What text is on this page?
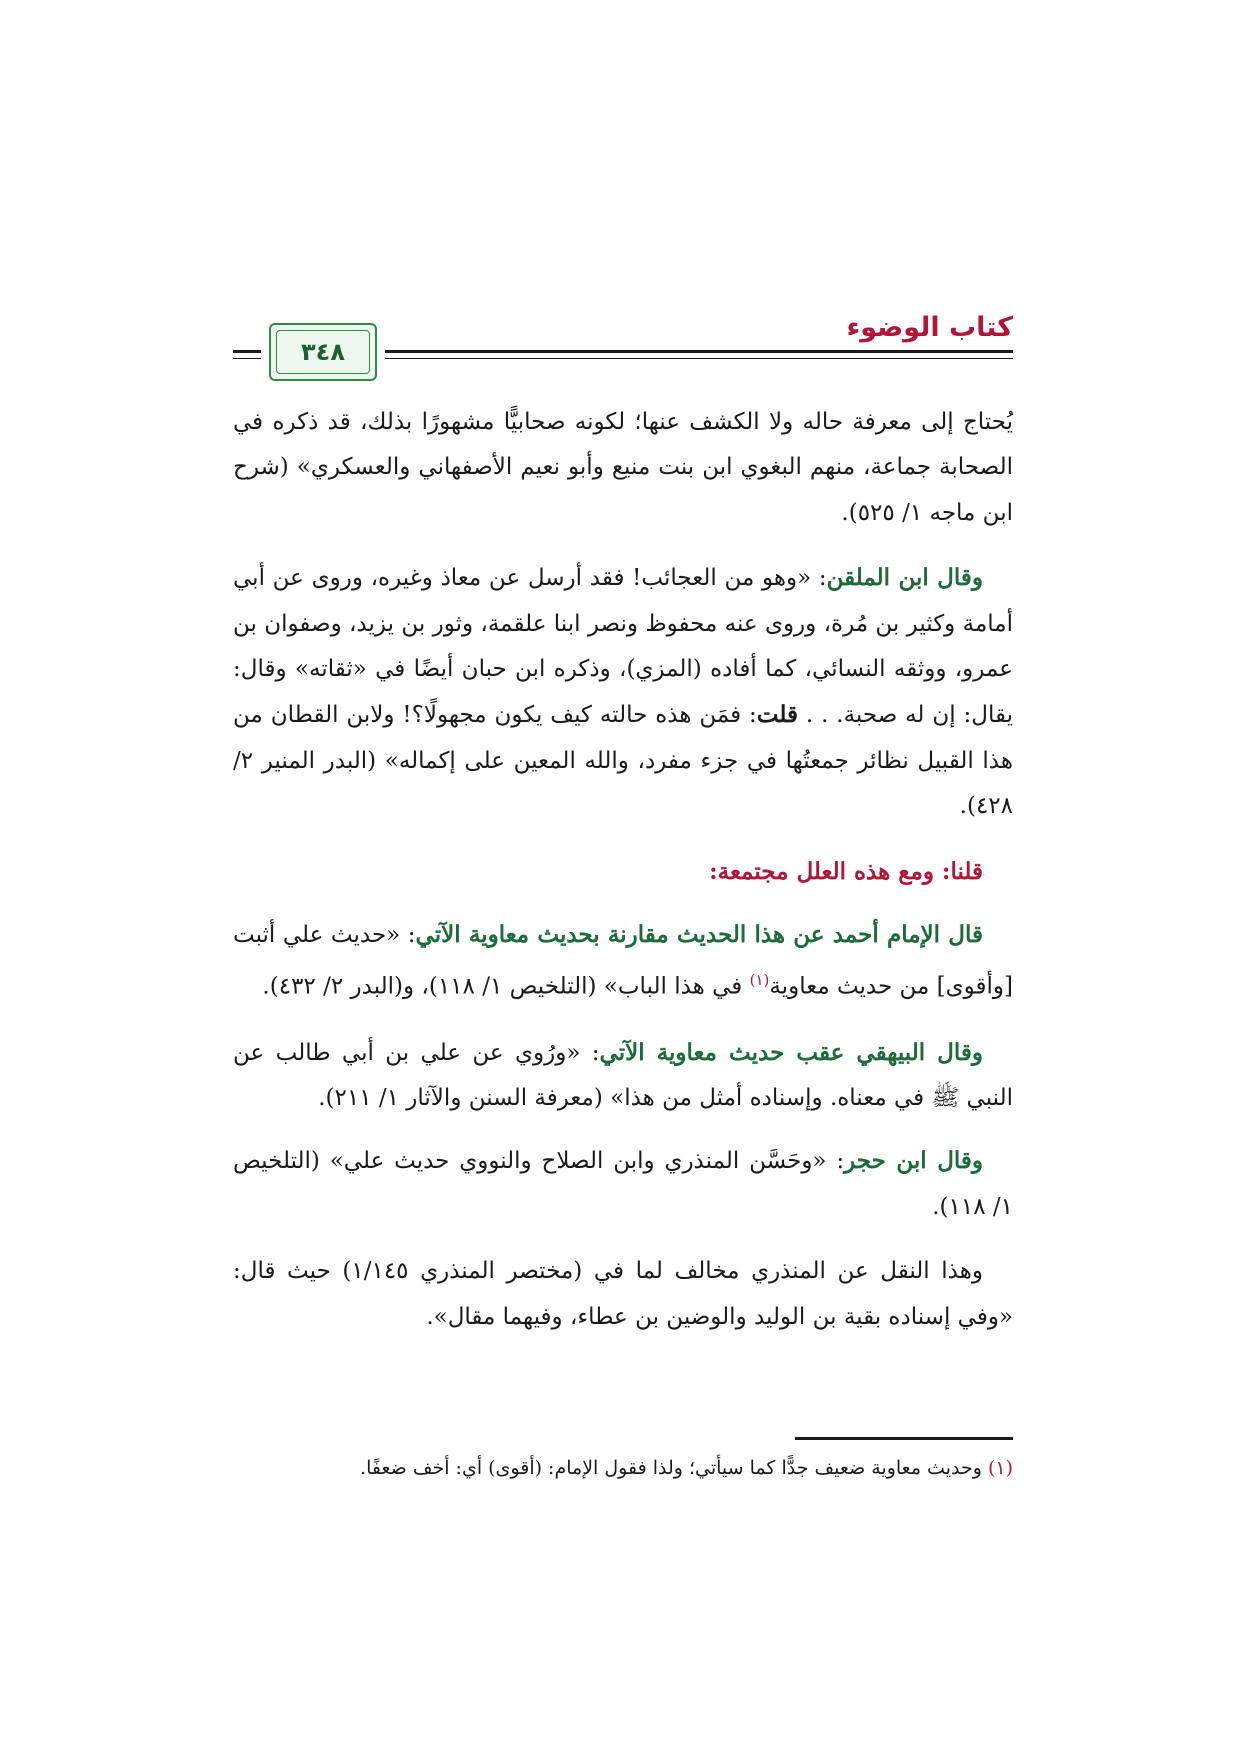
كتاب الوضوء
٣٤٨

يُحتاج إلى معرفة حاله ولا الكشف عنها؛ لكونه صحابيًّا مشهورًا بذلك، قد ذكره في الصحابة جماعة، منهم البغوي ابن بنت منيع وأبو نعيم الأصفهاني والعسكري» (شرح ابن ماجه ١/ ٥٢٥).

وقال ابن الملقن: «وهو من العجائب! فقد أرسل عن معاذ وغيره، وروى عن أبي أمامة وكثير بن مُرة، وروى عنه محفوظ ونصر ابنا علقمة، وثور بن يزيد، وصفوان بن عمرو، ووثقه النسائي، كما أفاده (المزي)، وذكره ابن حبان أيضًا في «ثقاته» وقال: يقال: إن له صحبة. . . قلت: فمَن هذه حالته كيف يكون مجهولًا؟! ولابن القطان من هذا القبيل نظائر جمعتُها في جزء مفرد، والله المعين على إكماله» (البدر المنير ٢/ ٤٢٨).

قلنا: ومع هذه العلل مجتمعة:

قال الإمام أحمد عن هذا الحديث مقارنة بحديث معاوية الآتي: «حديث علي أثبت [وأقوى] من حديث معاوية$^{(١)}$ في هذا الباب» (التلخيص ١/ ١١٨)، و(البدر ٢/ ٤٣٢).

وقال البيهقي عقب حديث معاوية الآتي: «ورُوي عن علي بن أبي طالب عن النبي ﷺ في معناه. وإسناده أمثل من هذا» (معرفة السنن والآثار ١/ ٢١١).

وقال ابن حجر: «وحَسَّن المنذري وابن الصلاح والنووي حديث علي» (التلخيص ١/ ١١٨).

وهذا النقل عن المنذري مخالف لما في (مختصر المنذري ١/١٤٥) حيث قال: «وفي إسناده بقية بن الوليد والوضين بن عطاء، وفيهما مقال».

(١) وحديث معاوية ضعيف جدًّا كما سيأتي؛ ولذا فقول الإمام: (أقوى) أي: أخف ضعفًا.
